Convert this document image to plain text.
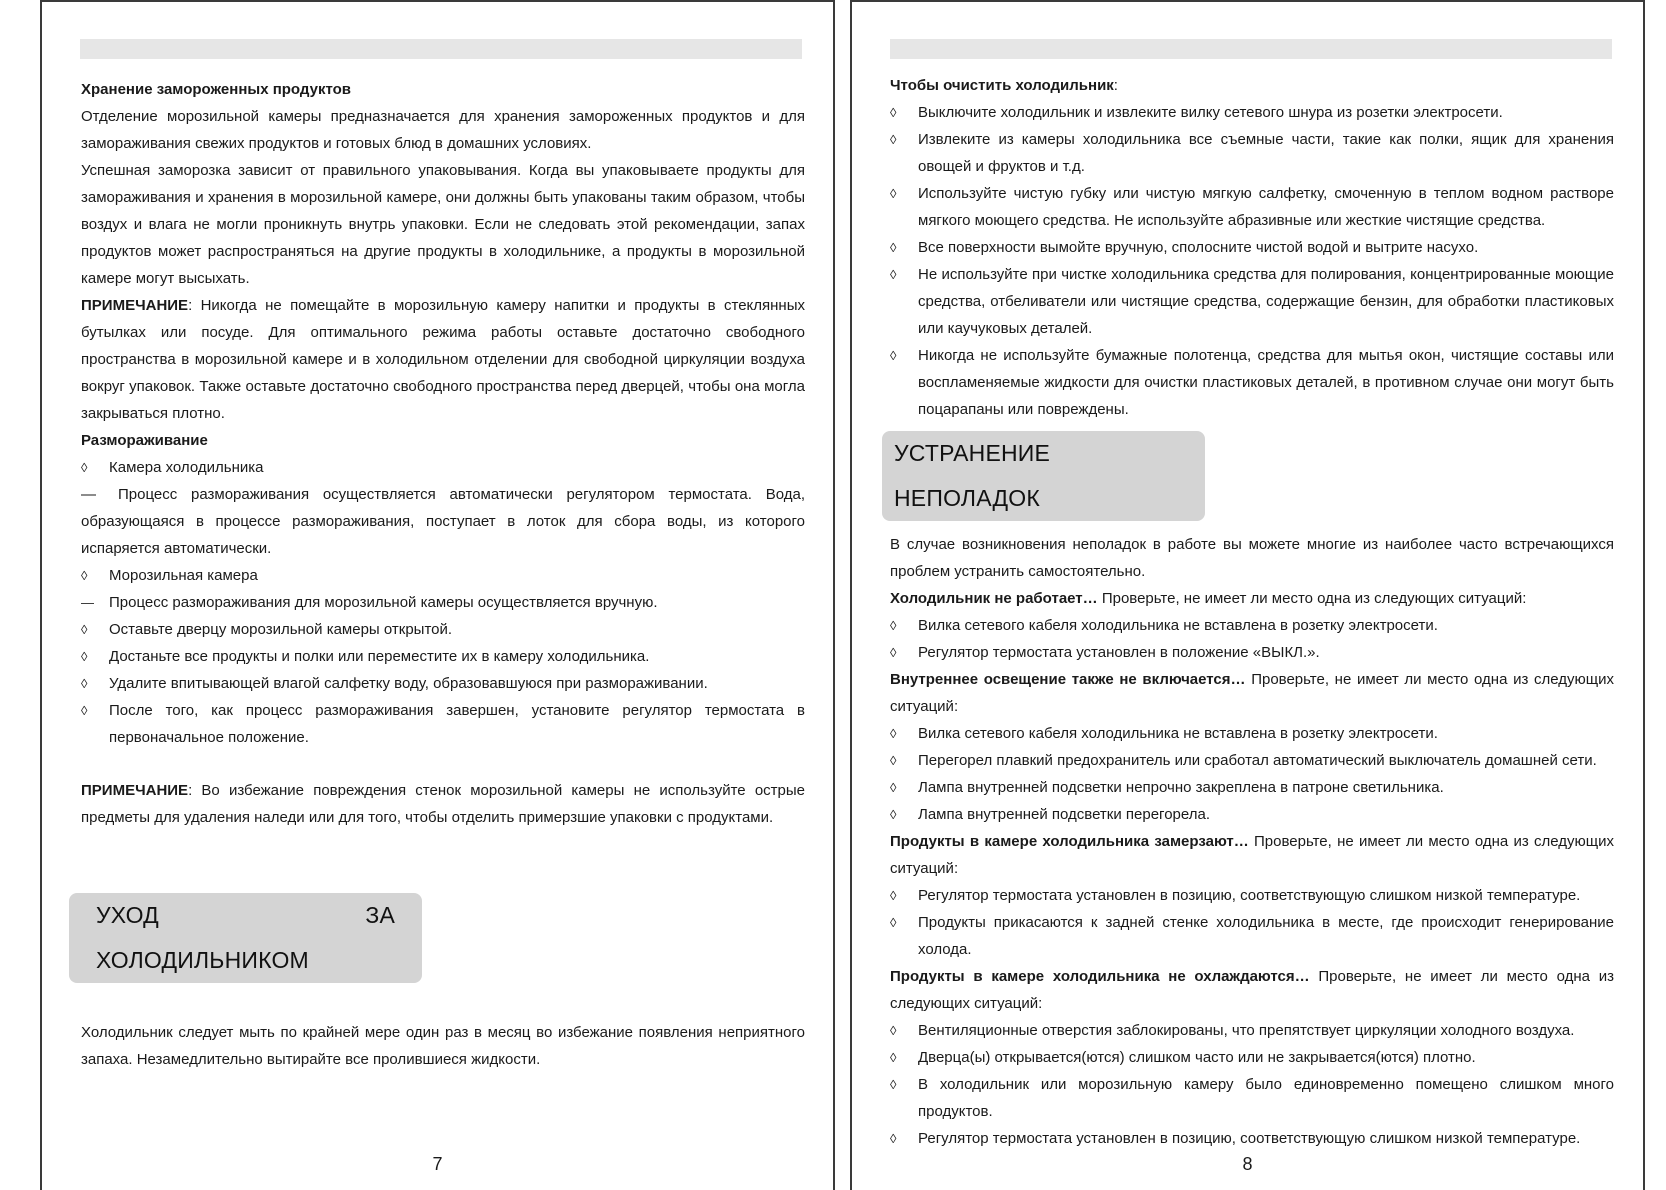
Хранение замороженных продуктов

Отделение морозильной камеры предназначается для хранения замороженных продуктов и для замораживания свежих продуктов и готовых блюд в домашних условиях.

Успешная заморозка зависит от правильного упаковывания. Когда вы упаковываете продукты для замораживания и хранения в морозильной камере, они должны быть упакованы таким образом, чтобы воздух и влага не могли проникнуть внутрь упаковки. Если не следовать этой рекомендации, запах продуктов может распространяться на другие продукты в холодильнике, а продукты в морозильной камере могут высыхать.

ПРИМЕЧАНИЕ: Никогда не помещайте в морозильную камеру напитки и продукты в стеклянных бутылках или посуде. Для оптимального режима работы оставьте достаточно свободного пространства в морозильной камере и в холодильном отделении для свободной циркуляции воздуха вокруг упаковок. Также оставьте достаточно свободного пространства перед дверцей, чтобы она могла закрываться плотно.

Размораживание

◊	Камера холодильника

— Процесс размораживания осуществляется автоматически регулятором термостата. Вода, образующаяся в процессе размораживания, поступает в лоток для сбора воды, из которого испаряется автоматически.

◊	Морозильная камера
—	Процесс размораживания для морозильной камеры осуществляется вручную.
◊	Оставьте дверцу морозильной камеры открытой.
◊	Достаньте все продукты и полки или переместите их в камеру холодильника.
◊	Удалите впитывающей влагой салфетку воду, образовавшуюся при размораживании.
◊	После того, как процесс размораживания завершен, установите регулятор термостата в первоначальное положение.

ПРИМЕЧАНИЕ: Во избежание повреждения стенок морозильной камеры не используйте острые предметы для удаления наледи или для того, чтобы отделить примерзшие упаковки с продуктами.

УХОД ЗА ХОЛОДИЛЬНИКОМ

Холодильник следует мыть по крайней мере один раз в месяц во избежание появления неприятного запаха. Незамедлительно вытирайте все пролившиеся жидкости.

7

Чтобы очистить холодильник:

◊	Выключите холодильник и извлеките вилку сетевого шнура из розетки электросети.
◊	Извлеките из камеры холодильника все съемные части, такие как полки, ящик для хранения овощей и фруктов и т.д.
◊	Используйте чистую губку или чистую мягкую салфетку, смоченную в теплом водном растворе мягкого моющего средства. Не используйте абразивные или жесткие чистящие средства.
◊	Все поверхности вымойте вручную, сполосните чистой водой и вытрите насухо.
◊	Не используйте при чистке холодильника средства для полирования, концентрированные моющие средства, отбеливатели или чистящие средства, содержащие бензин, для обработки пластиковых или каучуковых деталей.
◊	Никогда не используйте бумажные полотенца, средства для мытья окон, чистящие составы или воспламеняемые жидкости для очистки пластиковых деталей, в противном случае они могут быть поцарапаны или повреждены.
УСТРАНЕНИЕ НЕПОЛАДОК

В случае возникновения неполадок в работе вы можете многие из наиболее часто встречающихся проблем устранить самостоятельно.

Холодильник не работает… Проверьте, не имеет ли место одна из следующих ситуаций:

◊	Вилка сетевого кабеля холодильника не вставлена в розетку электросети.
◊	Регулятор термостата установлен в положение «ВЫКЛ.».

Внутреннее освещение также не включается… Проверьте, не имеет ли место одна из следующих ситуаций:

◊	Вилка сетевого кабеля холодильника не вставлена в розетку электросети.
◊	Перегорел плавкий предохранитель или сработал автоматический выключатель домашней сети.
◊	Лампа внутренней подсветки непрочно закреплена в патроне светильника.
◊	Лампа внутренней подсветки перегорела.

Продукты в камере холодильника замерзают… Проверьте, не имеет ли место одна из следующих ситуаций:

◊	Регулятор термостата установлен в позицию, соответствующую слишком низкой температуре.
◊	Продукты прикасаются к задней стенке холодильника в месте, где происходит генерирование холода.

Продукты в камере холодильника не охлаждаются… Проверьте, не имеет ли место одна из следующих ситуаций:

◊	Вентиляционные отверстия заблокированы, что препятствует циркуляции холодного воздуха.
◊	Дверца(ы) открывается(ются) слишком часто или не закрывается(ются) плотно.
◊	В холодильник или морозильную камеру было единовременно помещено слишком много продуктов.
◊	Регулятор термостата установлен в позицию, соответствующую слишком низкой температуре.
8
